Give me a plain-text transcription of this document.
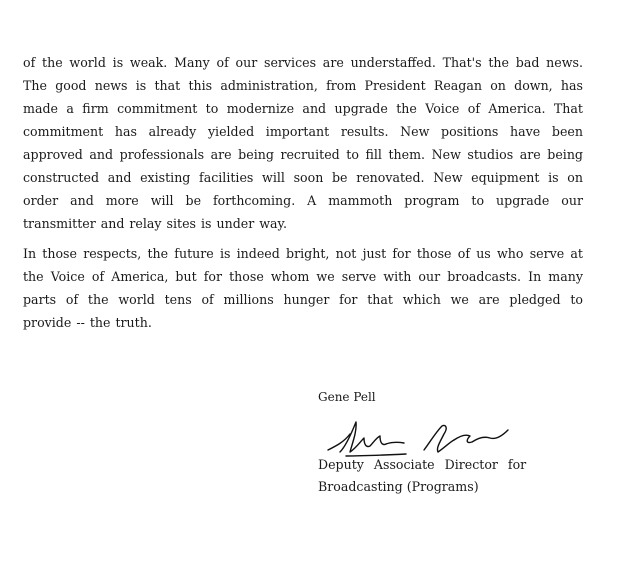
of the world is weak. Many of our services are understaffed. That's the bad news.
The good news is that this administration, from President Reagan on down, has
made a firm commitment to modernize and upgrade the Voice of America. That
commitment has already yielded important results. New positions have been
approved and professionals are being recruited to fill them. New studios are being
constructed and existing facilities will soon be renovated. New equipment is on
order and more will be forthcoming. A mammoth program to upgrade our
transmitter and relay sites is under way.
In those respects, the future is indeed bright, not just for those of us who serve at
the Voice of America, but for those whom we serve with our broadcasts. In many
parts of the world tens of millions hunger for that which we are pledged to
provide -- the truth.
Gene Pell
Deputy Associate Director for
Broadcasting (Programs)
